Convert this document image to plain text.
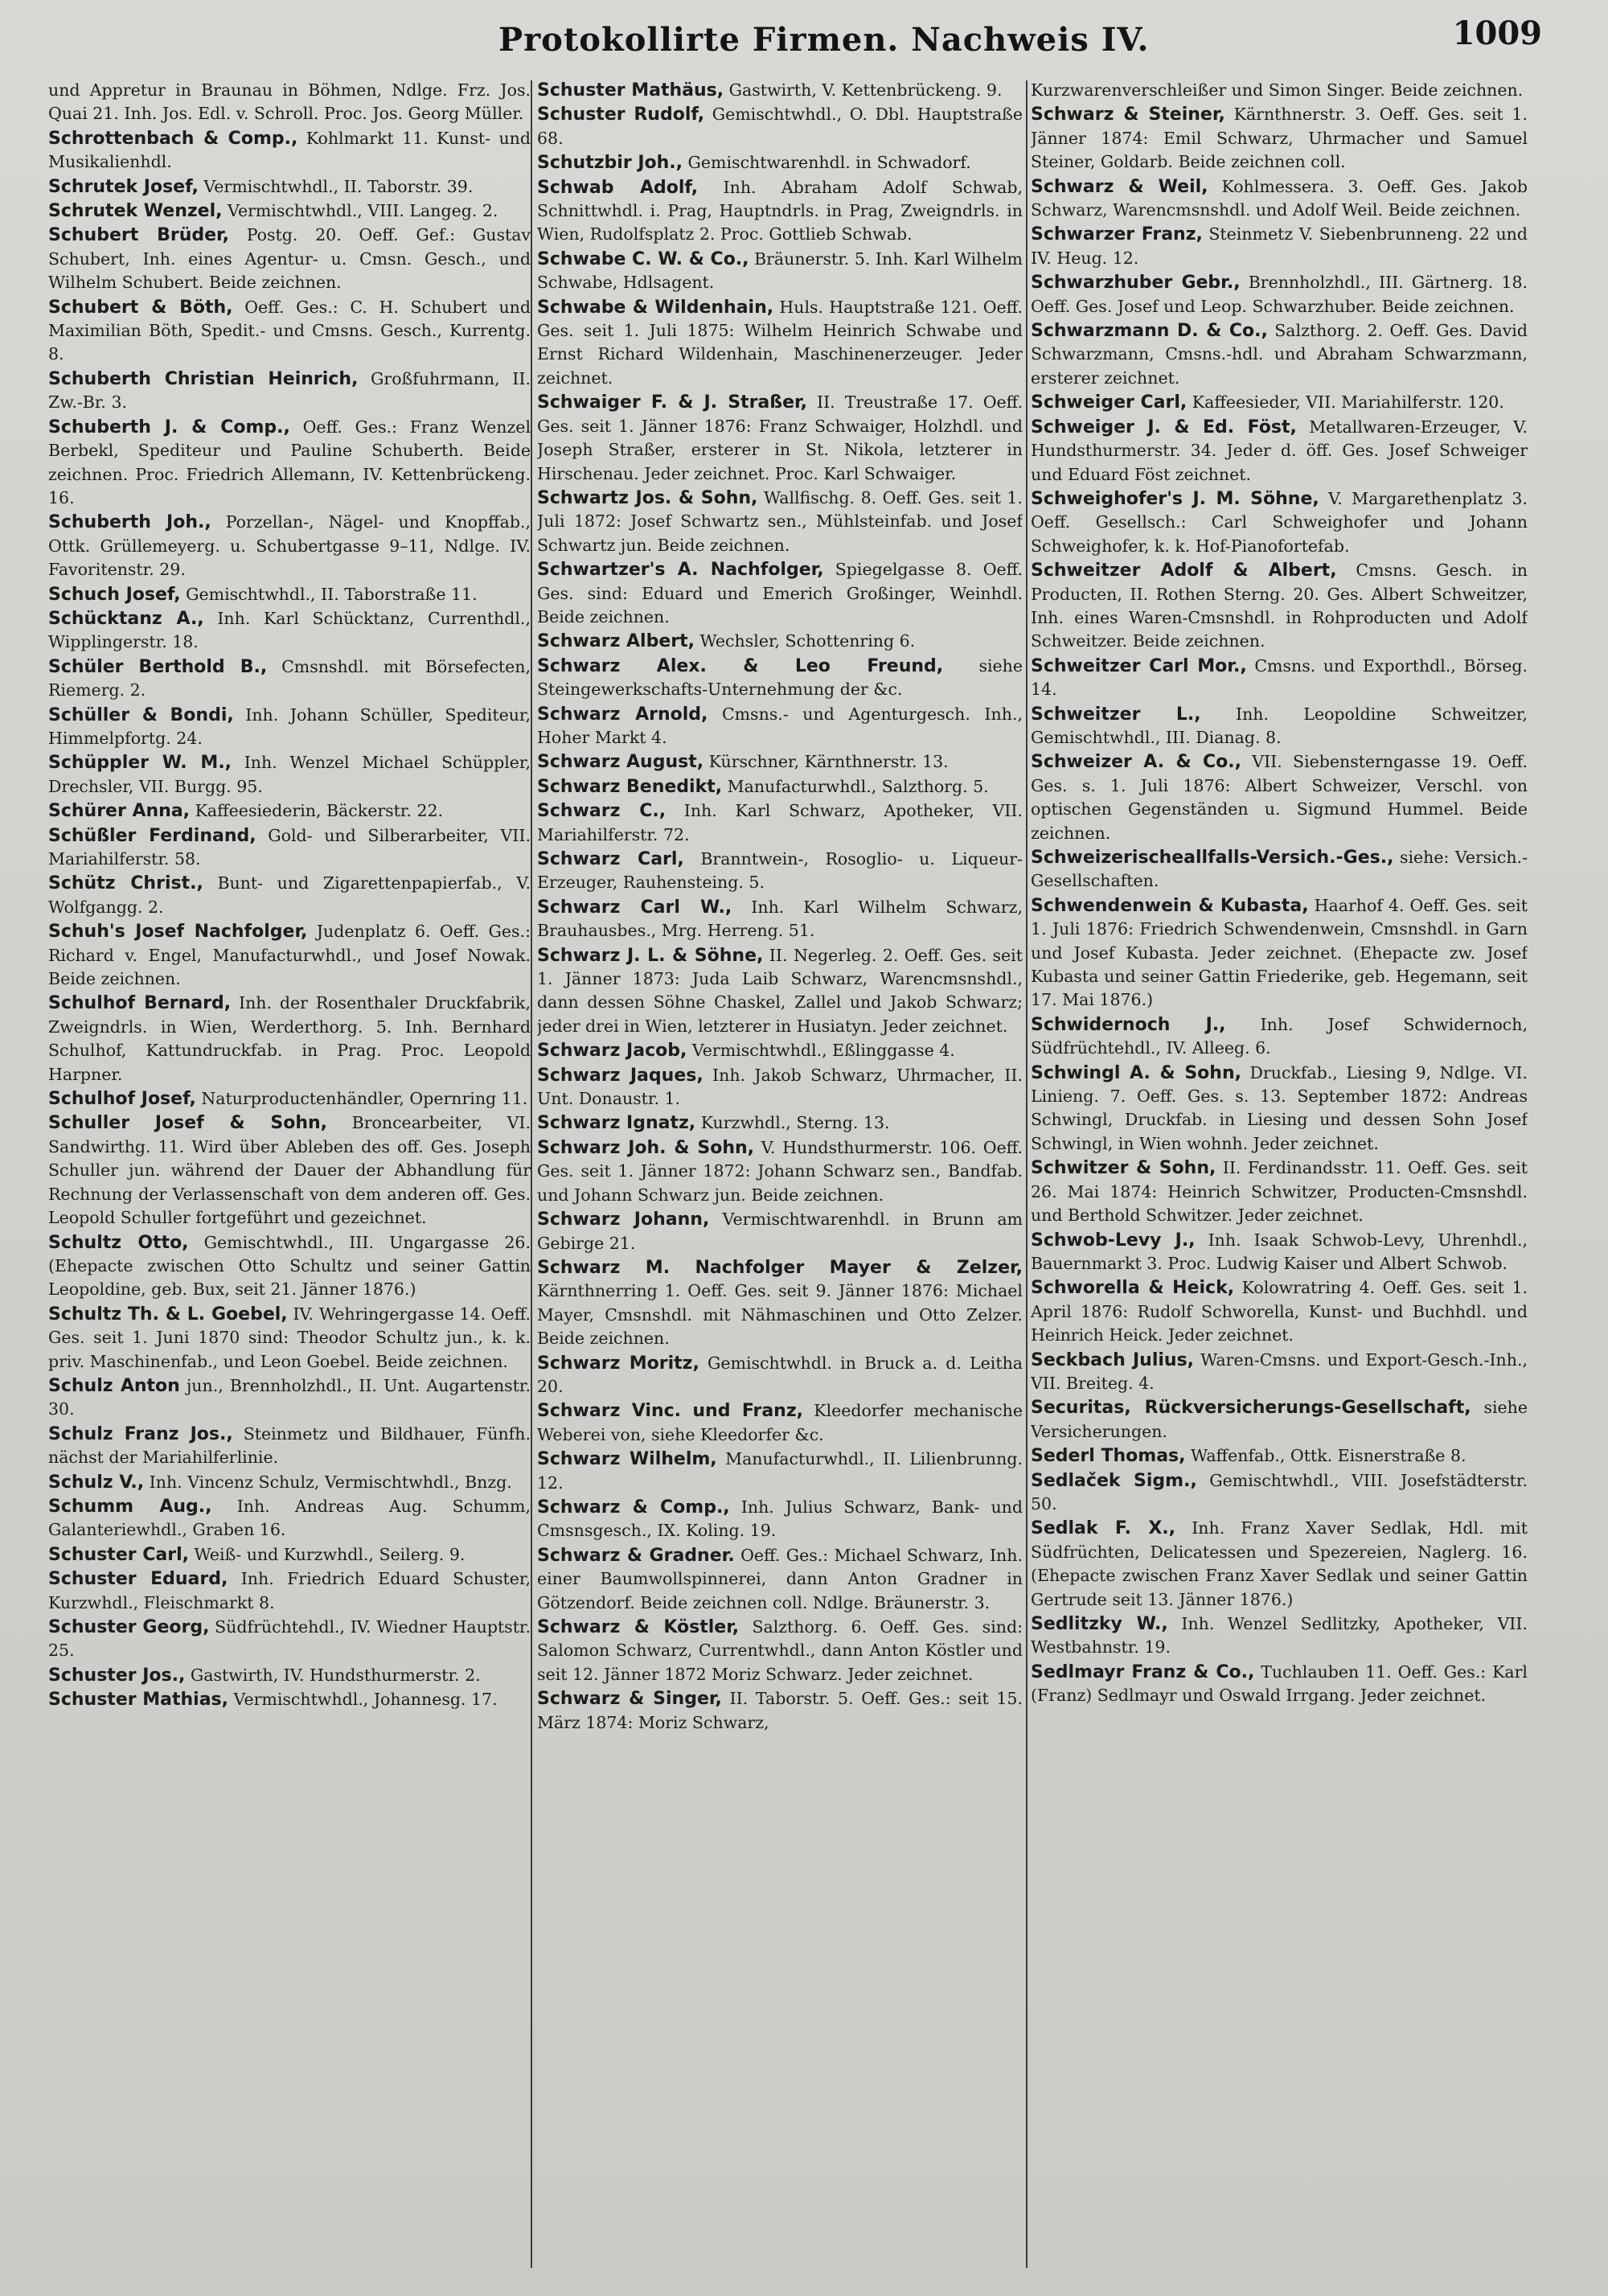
Protokollirte Firmen. Nachweis IV.	1009

und Appretur in Braunau in Böhmen, Ndlge. Frz. Jos. Quai 21. Inh. Jos. Edl. v. Schroll. Proc. Jos. Georg Müller.

Schrottenbach & Comp., Kohlmarkt 11. Kunst- und Musikalienhdl.

Schrutek Josef, Vermischtwhdl., II. Taborstr. 39.

Schrutek Wenzel, Vermischtwhdl., VIII. Langeg. 2.

Schubert Brüder, Postg. 20. Oeff. Gef.: Gustav Schubert, Inh. eines Agentur- u. Cmsn. Gesch., und Wilhelm Schubert. Beide zeichnen.

Schubert & Böth, Oeff. Ges.: C. H. Schubert und Maximilian Böth, Spedit.- und Cmsns. Gesch., Kurrentg. 8.

Schuberth Christian Heinrich, Großfuhrmann, II. Zw.-Br. 3.

Schuberth J. & Comp., Oeff. Ges.: Franz Wenzel Berbekl, Spediteur und Pauline Schuberth. Beide zeichnen. Proc. Friedrich Allemann, IV. Kettenbrückeng. 16.

Schuberth Joh., Porzellan-, Nägel- und Knopffab., Ottk. Grüllemeyerg. u. Schubertgasse 9–11, Ndlge. IV. Favoritenstr. 29.

Schuch Josef, Gemischtwhdl., II. Taborstraße 11.

Schücktanz A., Inh. Karl Schücktanz, Currenthdl., Wipplingerstr. 18.

Schüler Berthold B., Cmsnshdl. mit Börsefecten, Riemerg. 2.

Schüller & Bondi, Inh. Johann Schüller, Spediteur, Himmelpfortg. 24.

Schüppler W. M., Inh. Wenzel Michael Schüppler, Drechsler, VII. Burgg. 95.

Schürer Anna, Kaffeesiederin, Bäckerstr. 22.

Schüßler Ferdinand, Gold- und Silberarbeiter, VII. Mariahilferstr. 58.

Schütz Christ., Bunt- und Zigarettenpapierfab., V. Wolfgangg. 2.

Schuh's Josef Nachfolger, Judenplatz 6. Oeff. Ges.: Richard v. Engel, Manufacturwhdl., und Josef Nowak. Beide zeichnen.

Schulhof Bernard, Inh. der Rosenthaler Druckfabrik, Zweigndrls. in Wien, Werderthorg. 5. Inh. Bernhard Schulhof, Kattundruckfab. in Prag. Proc. Leopold Harpner.

Schulhof Josef, Naturproductenhändler, Opernring 11.

Schuller Josef & Sohn, Broncearbeiter, VI. Sandwirthg. 11. Wird über Ableben des off. Ges. Joseph Schuller jun. während der Dauer der Abhandlung für Rechnung der Verlassenschaft von dem anderen off. Ges. Leopold Schuller fortgeführt und gezeichnet.

Schultz Otto, Gemischtwhdl., III. Ungargasse 26. (Ehepacte zwischen Otto Schultz und seiner Gattin Leopoldine, geb. Bux, seit 21. Jänner 1876.)

Schultz Th. & L. Goebel, IV. Wehringergasse 14. Oeff. Ges. seit 1. Juni 1870 sind: Theodor Schultz jun., k. k. priv. Maschinenfab., und Leon Goebel. Beide zeichnen.

Schulz Anton jun., Brennholzhdl., II. Unt. Augartenstr. 30.

Schulz Franz Jos., Steinmetz und Bildhauer, Fünfh. nächst der Mariahilferlinie.

Schulz V., Inh. Vincenz Schulz, Vermischtwhdl., Bnzg.

Schumm Aug., Inh. Andreas Aug. Schumm, Galanteriewhdl., Graben 16.

Schuster Carl, Weiß- und Kurzwhdl., Seilerg. 9.

Schuster Eduard, Inh. Friedrich Eduard Schuster, Kurzwhdl., Fleischmarkt 8.

Schuster Georg, Südfrüchtehdl., IV. Wiedner Hauptstr. 25.

Schuster Jos., Gastwirth, IV. Hundsthurmerstr. 2.

Schuster Mathias, Vermischtwhdl., Johannesg. 17.

Schuster Mathäus, Gastwirth, V. Kettenbrückeng. 9.

Schuster Rudolf, Gemischtwhdl., O. Dbl. Hauptstraße 68.

Schutzbir Joh., Gemischtwarenhdl. in Schwadorf.

Schwab Adolf, Inh. Abraham Adolf Schwab, Schnittwhdl. i. Prag, Hauptndrls. in Prag, Zweigndrls. in Wien, Rudolfsplatz 2. Proc. Gottlieb Schwab.

Schwabe C. W. & Co., Bräunerstr. 5. Inh. Karl Wilhelm Schwabe, Hdlsagent.

Schwabe & Wildenhain, Huls. Hauptstraße 121. Oeff. Ges. seit 1. Juli 1875: Wilhelm Heinrich Schwabe und Ernst Richard Wildenhain, Maschinenerzeuger. Jeder zeichnet.

Schwaiger F. & J. Straßer, II. Treustraße 17. Oeff. Ges. seit 1. Jänner 1876: Franz Schwaiger, Holzhdl. und Joseph Straßer, ersterer in St. Nikola, letzterer in Hirschenau. Jeder zeichnet. Proc. Karl Schwaiger.

Schwartz Jos. & Sohn, Wallfischg. 8. Oeff. Ges. seit 1. Juli 1872: Josef Schwartz sen., Mühlsteinfab. und Josef Schwartz jun. Beide zeichnen.

Schwartzer's A. Nachfolger, Spiegelgasse 8. Oeff. Ges. sind: Eduard und Emerich Großinger, Weinhdl. Beide zeichnen.

Schwarz Albert, Wechsler, Schottenring 6.

Schwarz Alex. & Leo Freund, siehe Steingewerkschafts-Unternehmung der &c.

Schwarz Arnold, Cmsns.- und Agenturgesch. Inh., Hoher Markt 4.

Schwarz August, Kürschner, Kärnthnerstr. 13.

Schwarz Benedikt, Manufacturwhdl., Salzthorg. 5.

Schwarz C., Inh. Karl Schwarz, Apotheker, VII. Mariahilferstr. 72.

Schwarz Carl, Branntwein-, Rosoglio- u. Liqueur-Erzeuger, Rauhensteing. 5.

Schwarz Carl W., Inh. Karl Wilhelm Schwarz, Brauhausbes., Mrg. Herreng. 51.

Schwarz J. L. & Söhne, II. Negerleg. 2. Oeff. Ges. seit 1. Jänner 1873: Juda Laib Schwarz, Warencmsnshdl., dann dessen Söhne Chaskel, Zallel und Jakob Schwarz; jeder drei in Wien, letzterer in Husiatyn. Jeder zeichnet.

Schwarz Jacob, Vermischtwhdl., Eßlinggasse 4.

Schwarz Jaques, Inh. Jakob Schwarz, Uhrmacher, II. Unt. Donaustr. 1.

Schwarz Ignatz, Kurzwhdl., Sterng. 13.

Schwarz Joh. & Sohn, V. Hundsthurmerstr. 106. Oeff. Ges. seit 1. Jänner 1872: Johann Schwarz sen., Bandfab. und Johann Schwarz jun. Beide zeichnen.

Schwarz Johann, Vermischtwarenhdl. in Brunn am Gebirge 21.

Schwarz M. Nachfolger Mayer & Zelzer, Kärnthnerring 1. Oeff. Ges. seit 9. Jänner 1876: Michael Mayer, Cmsnshdl. mit Nähmaschinen und Otto Zelzer. Beide zeichnen.

Schwarz Moritz, Gemischtwhdl. in Bruck a. d. Leitha 20.

Schwarz Vinc. und Franz, Kleedorfer mechanische Weberei von, siehe Kleedorfer &c.

Schwarz Wilhelm, Manufacturwhdl., II. Lilienbrunng. 12.

Schwarz & Comp., Inh. Julius Schwarz, Bank- und Cmsnsgesch., IX. Koling. 19.

Schwarz & Gradner. Oeff. Ges.: Michael Schwarz, Inh. einer Baumwollspinnerei, dann Anton Gradner in Götzendorf. Beide zeichnen coll. Ndlge. Bräunerstr. 3.

Schwarz & Köstler, Salzthorg. 6. Oeff. Ges. sind: Salomon Schwarz, Currentwhdl., dann Anton Köstler und seit 12. Jänner 1872 Moriz Schwarz. Jeder zeichnet.

Schwarz & Singer, II. Taborstr. 5. Oeff. Ges.: seit 15. März 1874: Moriz Schwarz,

Kurzwarenverschleißer und Simon Singer. Beide zeichnen.

Schwarz & Steiner, Kärnthnerstr. 3. Oeff. Ges. seit 1. Jänner 1874: Emil Schwarz, Uhrmacher und Samuel Steiner, Goldarb. Beide zeichnen coll.

Schwarz & Weil, Kohlmessera. 3. Oeff. Ges. Jakob Schwarz, Warencmsnshdl. und Adolf Weil. Beide zeichnen.

Schwarzer Franz, Steinmetz V. Siebenbrunneng. 22 und IV. Heug. 12.

Schwarzhuber Gebr., Brennholzhdl., III. Gärtnerg. 18. Oeff. Ges. Josef und Leop. Schwarzhuber. Beide zeichnen.

Schwarzmann D. & Co., Salzthorg. 2. Oeff. Ges. David Schwarzmann, Cmsns.-hdl. und Abraham Schwarzmann, ersterer zeichnet.

Schweiger Carl, Kaffeesieder, VII. Mariahilferstr. 120.

Schweiger J. & Ed. Föst, Metallwaren-Erzeuger, V. Hundsthurmerstr. 34. Jeder d. öff. Ges. Josef Schweiger und Eduard Föst zeichnet.

Schweighofer's J. M. Söhne, V. Margarethenplatz 3. Oeff. Gesellsch.: Carl Schweighofer und Johann Schweighofer, k. k. Hof-Pianofortefab.

Schweitzer Adolf & Albert, Cmsns. Gesch. in Producten, II. Rothen Sterng. 20. Ges. Albert Schweitzer, Inh. eines Waren-Cmsnshdl. in Rohproducten und Adolf Schweitzer. Beide zeichnen.

Schweitzer Carl Mor., Cmsns. und Exporthdl., Börseg. 14.

Schweitzer L., Inh. Leopoldine Schweitzer, Gemischtwhdl., III. Dianag. 8.

Schweizer A. & Co., VII. Siebensterngasse 19. Oeff. Ges. s. 1. Juli 1876: Albert Schweizer, Verschl. von optischen Gegenständen u. Sigmund Hummel. Beide zeichnen.

Schweizerischeallfalls-Versich.-Ges., siehe: Versich.-Gesellschaften.

Schwendenwein & Kubasta, Haarhof 4. Oeff. Ges. seit 1. Juli 1876: Friedrich Schwendenwein, Cmsnshdl. in Garn und Josef Kubasta. Jeder zeichnet. (Ehepacte zw. Josef Kubasta und seiner Gattin Friederike, geb. Hegemann, seit 17. Mai 1876.)

Schwidernoch J., Inh. Josef Schwidernoch, Südfrüchtehdl., IV. Alleeg. 6.

Schwingl A. & Sohn, Druckfab., Liesing 9, Ndlge. VI. Linieng. 7. Oeff. Ges. s. 13. September 1872: Andreas Schwingl, Druckfab. in Liesing und dessen Sohn Josef Schwingl, in Wien wohnh. Jeder zeichnet.

Schwitzer & Sohn, II. Ferdinandsstr. 11. Oeff. Ges. seit 26. Mai 1874: Heinrich Schwitzer, Producten-Cmsnshdl. und Berthold Schwitzer. Jeder zeichnet.

Schwob-Levy J., Inh. Isaak Schwob-Levy, Uhrenhdl., Bauernmarkt 3. Proc. Ludwig Kaiser und Albert Schwob.

Schworella & Heick, Kolowratring 4. Oeff. Ges. seit 1. April 1876: Rudolf Schworella, Kunst- und Buchhdl. und Heinrich Heick. Jeder zeichnet.

Seckbach Julius, Waren-Cmsns. und Export-Gesch.-Inh., VII. Breiteg. 4.

Securitas, Rückversicherungs-Gesellschaft, siehe Versicherungen.

Sederl Thomas, Waffenfab., Ottk. Eisnerstraße 8.

Sedlaček Sigm., Gemischtwhdl., VIII. Josefstädterstr. 50.

Sedlak F. X., Inh. Franz Xaver Sedlak, Hdl. mit Südfrüchten, Delicatessen und Spezereien, Naglerg. 16. (Ehepacte zwischen Franz Xaver Sedlak und seiner Gattin Gertrude seit 13. Jänner 1876.)

Sedlitzky W., Inh. Wenzel Sedlitzky, Apotheker, VII. Westbahnstr. 19.

Sedlmayr Franz & Co., Tuchlauben 11. Oeff. Ges.: Karl (Franz) Sedlmayr und Oswald Irrgang. Jeder zeichnet.
